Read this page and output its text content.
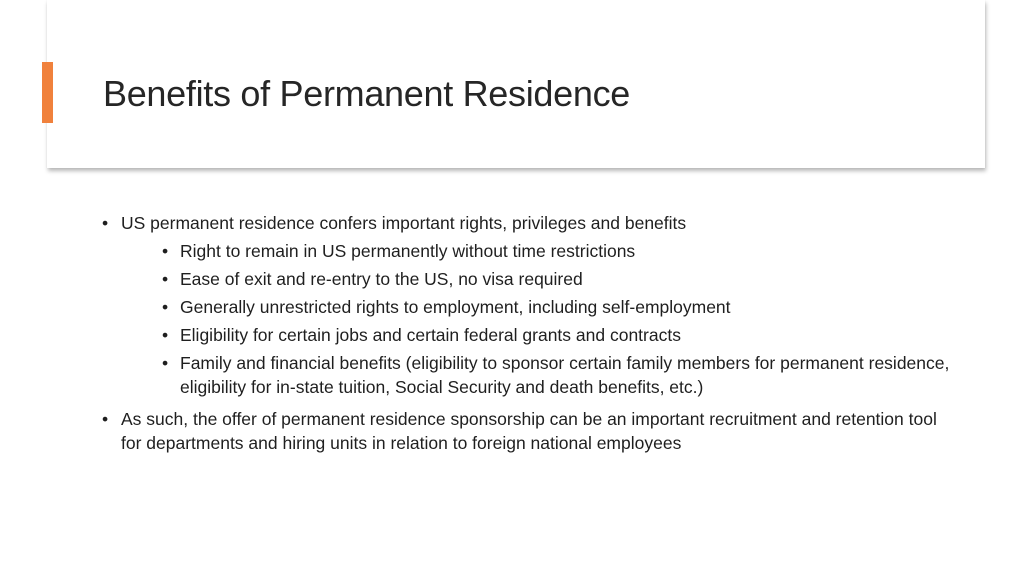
Benefits of Permanent Residence
• US permanent residence confers important rights, privileges and benefits
• Right to remain in US permanently without time restrictions
• Ease of exit and re-entry to the US, no visa required
• Generally unrestricted rights to employment, including self-employment
• Eligibility for certain jobs and certain federal grants and contracts
• Family and financial benefits (eligibility to sponsor certain family members for permanent residence, eligibility for in-state tuition, Social Security and death benefits, etc.)
• As such, the offer of permanent residence sponsorship can be an important recruitment and retention tool for departments and hiring units in relation to foreign national employees
